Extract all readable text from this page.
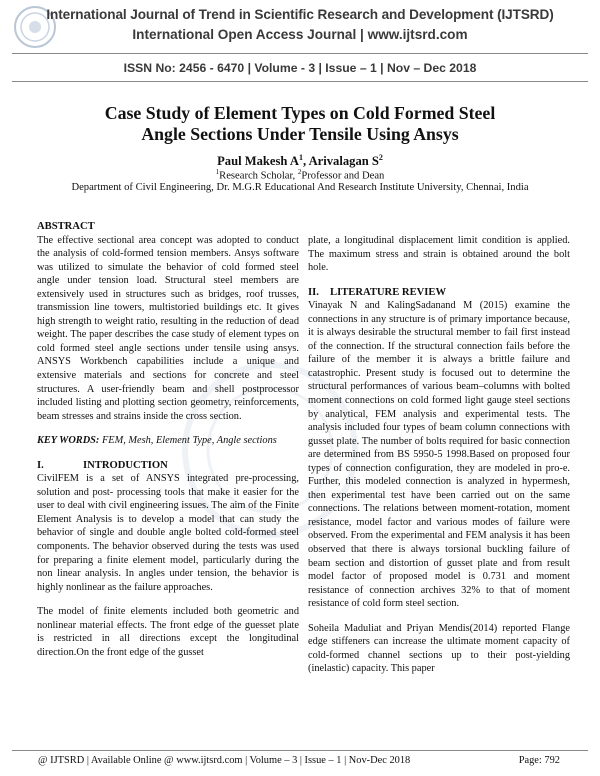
International Journal of Trend in Scientific Research and Development (IJTSRD)
International Open Access Journal | www.ijtsrd.com
ISSN No: 2456 - 6470 | Volume - 3 | Issue – 1 | Nov – Dec 2018
Case Study of Element Types on Cold Formed Steel
Angle Sections Under Tensile Using Ansys
Paul Makesh $A^1$, Arivalagan $S^2$
$^1$Research Scholar, $^2$Professor and Dean
Department of Civil Engineering, Dr. M.G.R Educational And Research Institute University, Chennai, India

ABSTRACT

The effective sectional area concept was adopted to conduct the analysis of cold-formed tension members. Ansys software was utilized to simulate the behavior of cold formed steel angle under tension load. Structural steel members are extensively used in structures such as bridges, roof trusses, transmission line towers, multistoried buildings etc. It gives high strength to weight ratio, resulting in the reduction of dead weight. The paper describes the case study of element types on cold formed steel angle sections under tensile using ansys. ANSYS Workbench capabilities include a unique and extensive materials and sections for concrete and steel structures. A user-friendly beam and shell postprocessor included listing and plotting section geometry, reinforcements, beam stresses and strains inside the cross section.

KEY WORDS: FEM, Mesh, Element Type, Angle sections

I.	INTRODUCTION

CivilFEM is a set of ANSYS integrated pre-processing, solution and post- processing tools that make it easier for the user to deal with civil engineering issues. The aim of the Finite Element Analysis is to develop a model that can study the behavior of single and double angle bolted cold-formed steel components. The behavior observed during the tests was used for preparing a finite element model, particularly during the non linear analysis. In angles under tension, the behavior is highly nonlinear as the failure approaches.

The model of finite elements included both geometric and nonlinear material effects. The front edge of the guesset plate is restricted in all directions except the longitudinal direction.On the front edge of the gusset

plate, a longitudinal displacement limit condition is applied. The maximum stress and strain is obtained around the bolt hole.

II. LITERATURE REVIEW

Vinayak N and KalingSadanand M (2015) examine the connections in any structure is of primary importance because, it is always desirable the structural member to fail first instead of the connection. If the structural connection fails before the failure of the member it is always a brittle failure and catastrophic. Present study is focused out to determine the structural performances of various beam–columns with bolted moment connections on cold formed light gauge steel sections by analytical, FEM analysis and experimental tests. The analysis included four types of beam column connections with gusset plate. The number of bolts required for basic connection are determined from BS 5950-5 1998.Based on proposed four types of connection configuration, they are modeled in pro-e. Further, this modeled connection is analyzed in hypermesh, then experimental test have been carried out on the same connections. The relations between moment-rotation, moment resistance, model factor and various modes of failure were observed. From the experimental and FEM analysis it has been observed that there is always torsional buckling failure of beam section and distortion of gusset plate and from result model factor of proposed model is 0.731 and moment resistance of connection archives 32% to that of moment resistance of cold form steel section.

Soheila Maduliat and Priyan Mendis(2014) reported Flange edge stiffeners can increase the ultimate moment capacity of cold-formed channel sections up to their post-yielding (inelastic) capacity. This paper

@ IJTSRD | Available Online @ www.ijtsrd.com | Volume – 3 | Issue – 1 | Nov-Dec 2018	Page: 792
